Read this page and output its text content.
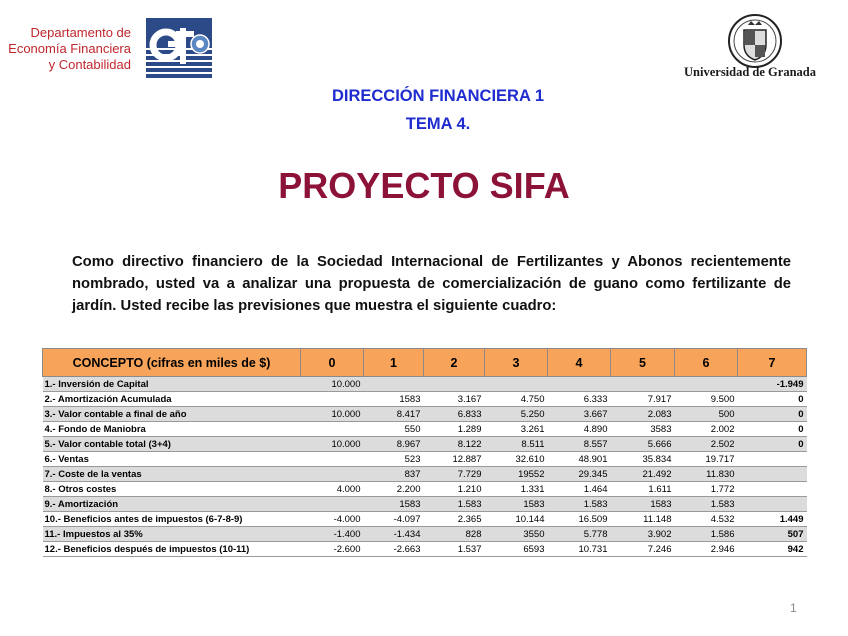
Departamento de
Economía Financiera
y Contabilidad	Universidad de Granada
DIRECCIÓN FINANCIERA 1
TEMA 4.
PROYECTO SIFA
Como directivo financiero de la Sociedad Internacional de Fertilizantes y Abonos recientemente nombrado, usted va a analizar una propuesta de comercialización de guano como fertilizante de jardín. Usted recibe las previsiones que muestra el siguiente cuadro:
CONCEPTO (cifras en miles de $)	0	1	2	3	4	5	6	7
1.- Inversión de Capital	10.000							-1.949
2.- Amortización Acumulada		1583	3.167	4.750	6.333	7.917	9.500	0
3.- Valor contable a final de año	10.000	8.417	6.833	5.250	3.667	2.083	500	0
4.- Fondo de Maniobra		550	1.289	3.261	4.890	3583	2.002	0
5.- Valor contable total (3+4)	10.000	8.967	8.122	8.511	8.557	5.666	2.502	0
6.- Ventas		523	12.887	32.610	48.901	35.834	19.717	
7.- Coste de la ventas		837	7.729	19552	29.345	21.492	11.830	
8.- Otros costes	4.000	2.200	1.210	1.331	1.464	1.611	1.772	
9.- Amortización		1583	1.583	1583	1.583	1583	1.583	
10.- Beneficios antes de impuestos (6-7-8-9)	-4.000	-4.097	2.365	10.144	16.509	11.148	4.532	1.449
11.- Impuestos al 35%	-1.400	-1.434	828	3550	5.778	3.902	1.586	507
12.- Beneficios después de impuestos (10-11)	-2.600	-2.663	1.537	6593	10.731	7.246	2.946	942
1
